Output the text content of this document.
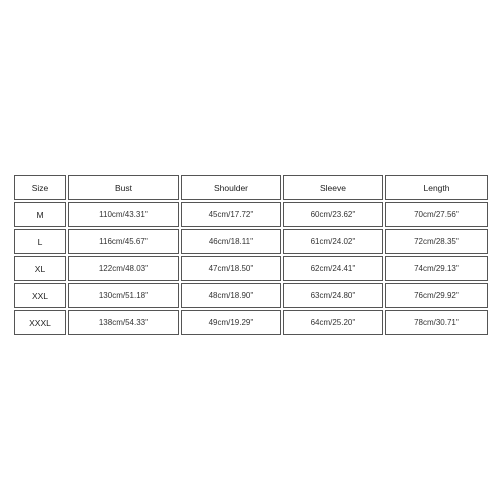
Size	Bust	Shoulder	Sleeve	Length
M	110cm/43.31''	45cm/17.72''	60cm/23.62''	70cm/27.56''
L	116cm/45.67''	46cm/18.11''	61cm/24.02''	72cm/28.35''
XL	122cm/48.03''	47cm/18.50''	62cm/24.41''	74cm/29.13''
XXL	130cm/51.18''	48cm/18.90''	63cm/24.80''	76cm/29.92''
XXXL	138cm/54.33''	49cm/19.29''	64cm/25.20''	78cm/30.71''
